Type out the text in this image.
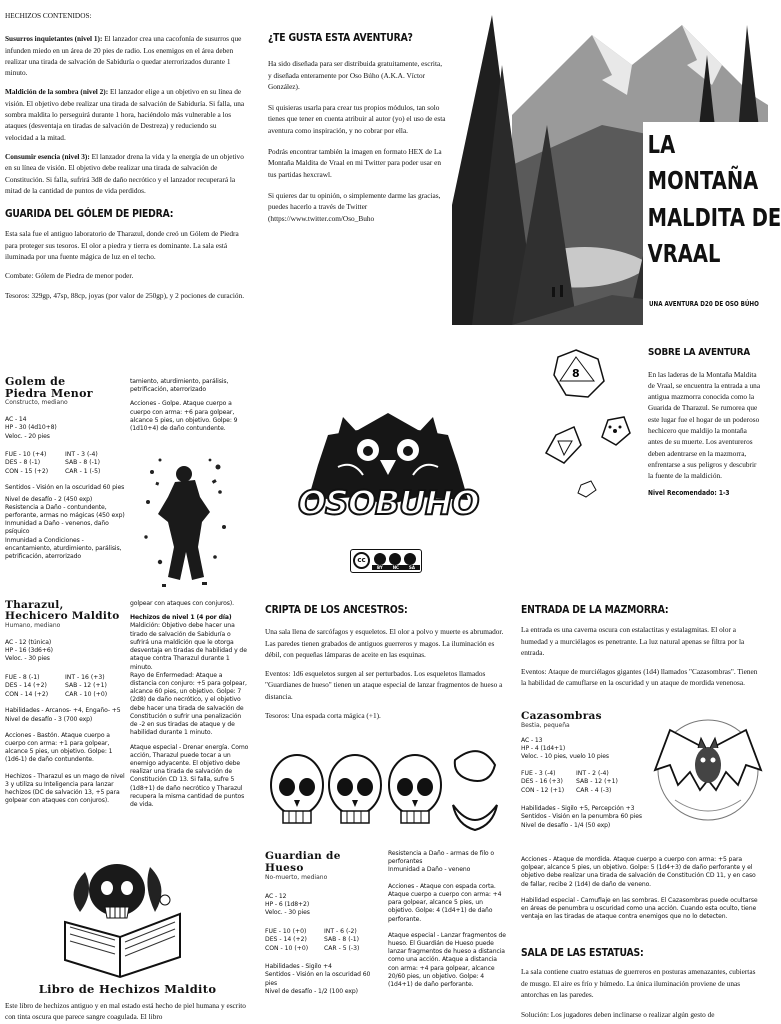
HECHIZOS CONTENIDOS:

Susurros inquietantes (nivel 1): El lanzador crea una cacofonía de susurros que infunden miedo en un área de 20 pies de radio. Los enemigos en el área deben realizar una tirada de salvación de Sabiduría o quedar aterrorizados durante 1 minuto.

Maldición de la sombra (nivel 2): El lanzador elige a un objetivo en su línea de visión. El objetivo debe realizar una tirada de salvación de Sabiduría. Si falla, una sombra maldita lo perseguirá durante 1 hora, haciéndolo más vulnerable a los ataques (desventaja en tiradas de salvación de Destreza) y reduciendo su velocidad a la mitad.

Consumir esencia (nivel 3): El lanzador drena la vida y la energía de un objetivo en su línea de visión. El objetivo debe realizar una tirada de salvación de Constitución. Si falla, sufrirá 3d8 de daño necrótico y el lanzador recuperará la mitad de la cantidad de puntos de vida perdidos.

GUARIDA DEL GÓLEM DE PIEDRA:

Esta sala fue el antiguo laboratorio de Tharazul, donde creó un Gólem de Piedra para proteger sus tesoros. El olor a piedra y tierra es dominante. La sala está iluminada por una fuente mágica de luz en el techo.

Combate: Gólem de Piedra de menor poder.

Tesoros: 329gp, 47sp, 88cp, joyas (por valor de 250gp), y 2 pociones de curación.

Golem de Piedra Menor
Constructo, mediano
AC - 14
HP - 30 (4d10+8)
Veloc. - 20 pies
FUE - 10 (+4)	INT - 3 (-4)
DES - 8 (-1)	SAB - 8 (-1)
CON - 15 (+2)	CAR - 1 (-5)
Sentidos - Visión en la oscuridad 60 pies
Nivel de desafío - 2 (450 exp)
Resistencia a Daño - contundente, perforante, armas no mágicas (450 exp)
Inmunidad a Daño - venenos, daño psíquico
Inmunidad a Condiciones - encantamiento, aturdimiento, parálisis, petrificación, aterrorizado
tamiento, aturdimiento, parálisis, petrificación, aterrorizado
Acciones - Golpe. Ataque cuerpo a cuerpo con arma: +6 para golpear, alcance 5 pies, un objetivo. Golpe: 9 (1d10+4) de daño contundente.
Tharazul, Hechicero Maldito
Humano, mediano
AC - 12 (túnica)
HP - 16 (3d6+6)
Veloc. - 30 pies
FUE - 8 (-1)	INT - 16 (+3)
DES - 14 (+2)	SAB - 12 (+1)
CON - 14 (+2)	CAR - 10 (+0)
Habilidades - Arcanos- +4, Engaño- +5
Nivel de desafío - 3 (700 exp)
Acciones - Bastón. Ataque cuerpo a cuerpo con arma: +1 para golpear, alcance 5 pies, un objetivo. Golpe: 1 (1d6-1) de daño contundente.
Hechizos - Tharazul es un mago de nivel 3 y utiliza su Inteligencia para lanzar hechizos (DC de salvación 13, +5 para golpear con ataques con conjuros).
golpear con ataques con conjuros).
Hechizos de nivel 1 (4 por día)
Maldición: Objetivo debe hacer una tirado de salvación de Sabiduría o sufrirá una maldición que le otorga desventaja en tiradas de habilidad y de ataque contra Tharazul durante 1 minuto.
Rayo de Enfermedad: Ataque a distancia con conjuro: +5 para golpear, alcance 60 pies, un objetivo. Golpe: 7 (2d8) de daño necrótico, y el objetivo debe hacer una tirada de salvación de Constitución o sufrir una penalización de -2 en sus tiradas de ataque y de habilidad durante 1 minuto.
Ataque especial - Drenar energía. Como acción, Tharazul puede tocar a un enemigo adyacente. El objetivo debe realizar una tirada de salvación de Constitución CD 13. Si falla, sufre 5 (1d8+1) de daño necrótico y Tharazul recupera la misma cantidad de puntos de vida.
Libro de Hechizos Maldito
Este libro de hechizos antiguo y en mal estado está hecho de piel humana y escrito con tinta oscura que parece sangre coagulada. El libro
¿TE GUSTA ESTA AVENTURA?

Ha sido diseñada para ser distribuida gratuitamente, escrita, y diseñada enteramente por Oso Búho (A.K.A. Víctor González).

Si quisieras usarla para crear tus propios módulos, tan solo tienes que tener en cuenta atribuir al autor (yo) el uso de esta aventura como inspiración, y no cobrar por ella.

Podrás encontrar también la imagen en formato HEX de La Montaña Maldita de Vraal en mi Twitter para poder usar en tus partidas hexcrawl.

Si quieres dar tu opinión, o simplemente darme las gracias, puedes hacerlo a través de Twitter (https://www.twitter.com/Oso_Buho

OSOBUHO
cc
BY NC SA
LA
MONTAÑA
MALDITA DE
VRAAL
UNA AVENTURA D20 DE OSO BÚHO
8
SOBRE LA AVENTURA

En las laderas de la Montaña Maldita de Vraal, se encuentra la entrada a una antigua mazmorra conocida como la Guarida de Tharazul. Se rumorea que este lugar fue el hogar de un poderoso hechicero que maldijo la montaña antes de su muerte. Los aventureros deben adentrarse en la mazmorra, enfrentarse a sus peligros y descubrir la fuente de la maldición.

Nivel Recomendado: 1-3
CRIPTA DE LOS ANCESTROS:

Una sala llena de sarcófagos y esqueletos. El olor a polvo y muerte es abrumador. Las paredes tienen grabados de antiguos guerreros y magos. La iluminación es débil, con pequeñas lámparas de aceite en las esquinas.

Eventos: 1d6 esqueletos surgen al ser perturbados. Los esqueletos llamados "Guardianes de hueso" tienen un ataque especial de lanzar fragmentos de hueso a distancia.

Tesoros: Una espada corta mágica (+1).

Guardian de Hueso
No-muerto, mediano
AC - 12
HP - 6 (1d8+2)
Veloc. - 30 pies
FUE - 10 (+0)	INT - 6 (-2)
DES - 14 (+2)	SAB - 8 (-1)
CON - 10 (+0)	CAR - 5 (-3)
Habilidades - Sigilo +4
Sentidos - Visión en la oscuridad 60 pies
Nivel de desafío - 1/2 (100 exp)
Resistencia a Daño - armas de filo o perforantes
Inmunidad a Daño - veneno
Acciones - Ataque con espada corta. Ataque cuerpo a cuerpo con arma: +4 para golpear, alcance 5 pies, un objetivo. Golpe: 4 (1d4+1) de daño perforante.
Ataque especial - Lanzar fragmentos de hueso. El Guardián de Hueso puede lanzar fragmentos de hueso a distancia como una acción. Ataque a distancia con arma: +4 para golpear, alcance 20/60 pies, un objetivo. Golpe: 4 (1d4+1) de daño perforante.
ENTRADA DE LA MAZMORRA:

La entrada es una caverna oscura con estalactitas y estalagmitas. El olor a humedad y a murciélagos es penetrante. La luz natural apenas se filtra por la entrada.

Eventos: Ataque de murciélagos gigantes (1d4) llamados "Cazasombras". Tienen la habilidad de camuflarse en la oscuridad y un ataque de mordida venenosa.

Cazasombras
Bestia, pequeña
AC - 13
HP - 4 (1d4+1)
Veloc. - 10 pies, vuelo 10 pies
FUE - 3 (-4)	INT - 2 (-4)
DES - 16 (+3)	SAB - 12 (+1)
CON - 12 (+1)	CAR - 4 (-3)
Habilidades - Sigilo +5, Percepción +3
Sentidos - Visión en la penumbra 60 pies
Nivel de desafío - 1/4 (50 exp)
Acciones - Ataque de mordida. Ataque cuerpo a cuerpo con arma: +5 para golpear, alcance 5 pies, un objetivo. Golpe: 5 (1d4+3) de daño perforante y el objetivo debe realizar una tirada de salvación de Constitución CD 11, y en caso de fallar, recibe 2 (1d4) de daño de veneno.
Habilidad especial - Camuflaje en las sombras. El Cazasombras puede ocultarse en áreas de penumbra u oscuridad como una acción. Cuando esta oculto, tiene ventaja en las tiradas de ataque contra enemigos que no lo detecten.
SALA DE LAS ESTATUAS:

La sala contiene cuatro estatuas de guerreros en posturas amenazantes, cubiertas de musgo. El aire es frío y húmedo. La única iluminación proviene de unas antorchas en las paredes.

Solución: Los jugadores deben inclinarse o realizar algún gesto de
